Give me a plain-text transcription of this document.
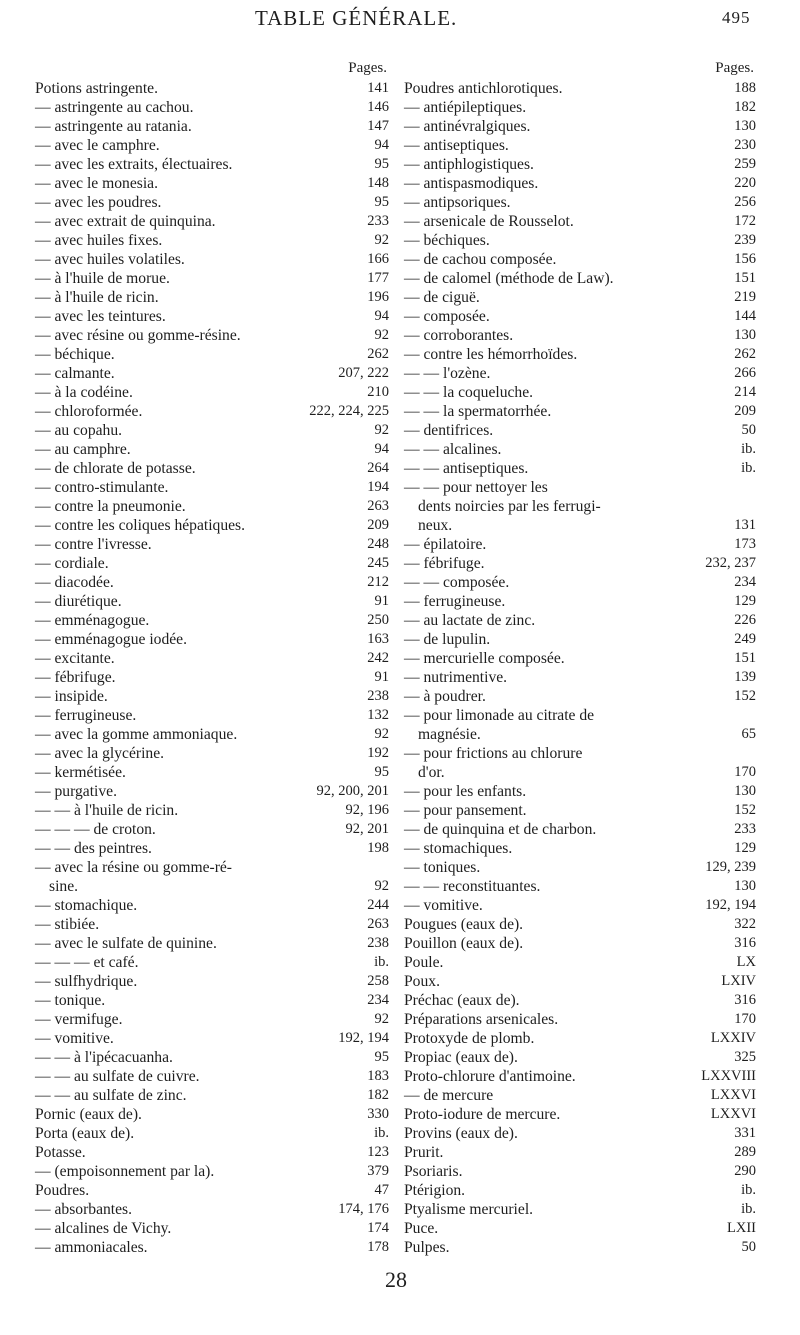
TABLE GÉNÉRALE.	495
Pages.
Potions astringente.	141
— astringente au cachou.	146
— astringente au ratania.	147
— avec le camphre.	94
— avec les extraits, électuaires.	95
— avec le monesia.	148
— avec les poudres.	95
— avec extrait de quinquina.	233
— avec huiles fixes.	92
— avec huiles volatiles.	166
— à l'huile de morue.	177
— à l'huile de ricin.	196
— avec les teintures.	94
— avec résine ou gomme-résine.	92
— béchique.	262
— calmante.	207, 222
— à la codéine.	210
— chloroformée.	222, 224, 225
— au copahu.	92
— au camphre.	94
— de chlorate de potasse.	264
— contro-stimulante.	194
— contre la pneumonie.	263
— contre les coliques hépatiques.	209
— contre l'ivresse.	248
— cordiale.	245
— diacodée.	212
— diurétique.	91
— emménagogue.	250
— emménagogue iodée.	163
— excitante.	242
— fébrifuge.	91
— insipide.	238
— ferrugineuse.	132
— avec la gomme ammoniaque.	92
— avec la glycérine.	192
— kermétisée.	95
— purgative.	92, 200, 201
— — à l'huile de ricin.	92, 196
— — — de croton.	92, 201
— — des peintres.	198
— avec la résine ou gomme-ré-
sine.	92
— stomachique.	244
— stibiée.	263
— avec le sulfate de quinine.	238
— — — et café.	ib.
— sulfhydrique.	258
— tonique.	234
— vermifuge.	92
— vomitive.	192, 194
— — à l'ipécacuanha.	95
— — au sulfate de cuivre.	183
— — au sulfate de zinc.	182
Pornic (eaux de).	330
Porta (eaux de).	ib.
Potasse.	123
— (empoisonnement par la).	379
Poudres.	47
— absorbantes.	174, 176
— alcalines de Vichy.	174
— ammoniacales.	178
Pages.
Poudres antichlorotiques.	188
— antiépileptiques.	182
— antinévralgiques.	130
— antiseptiques.	230
— antiphlogistiques.	259
— antispasmodiques.	220
— antipsoriques.	256
— arsenicale de Rousselot.	172
— béchiques.	239
— de cachou composée.	156
— de calomel (méthode de Law).	151
— de ciguë.	219
— composée.	144
— corroborantes.	130
— contre les hémorrhoïdes.	262
— — l'ozène.	266
— — la coqueluche.	214
— — la spermatorrhée.	209
— dentifrices.	50
— — alcalines.	ib.
— — antiseptiques.	ib.
— — pour nettoyer les
dents noircies par les ferrugi-
neux.	131
— épilatoire.	173
— fébrifuge.	232, 237
— — composée.	234
— ferrugineuse.	129
— au lactate de zinc.	226
— de lupulin.	249
— mercurielle composée.	151
— nutrimentive.	139
— à poudrer.	152
— pour limonade au citrate de
magnésie.	65
— pour frictions au chlorure
d'or.	170
— pour les enfants.	130
— pour pansement.	152
— de quinquina et de charbon.	233
— stomachiques.	129
— toniques.	129, 239
— — reconstituantes.	130
— vomitive.	192, 194
Pougues (eaux de).	322
Pouillon (eaux de).	316
Poule.	LX
Poux.	LXIV
Préchac (eaux de).	316
Préparations arsenicales.	170
Protoxyde de plomb.	LXXIV
Propiac (eaux de).	325
Proto-chlorure d'antimoine.	LXXVIII
— de mercure	LXXVI
Proto-iodure de mercure.	LXXVI
Provins (eaux de).	331
Prurit.	289
Psoriaris.	290
Ptérigion.	ib.
Ptyalisme mercuriel.	ib.
Puce.	LXII
Pulpes.	50
28
